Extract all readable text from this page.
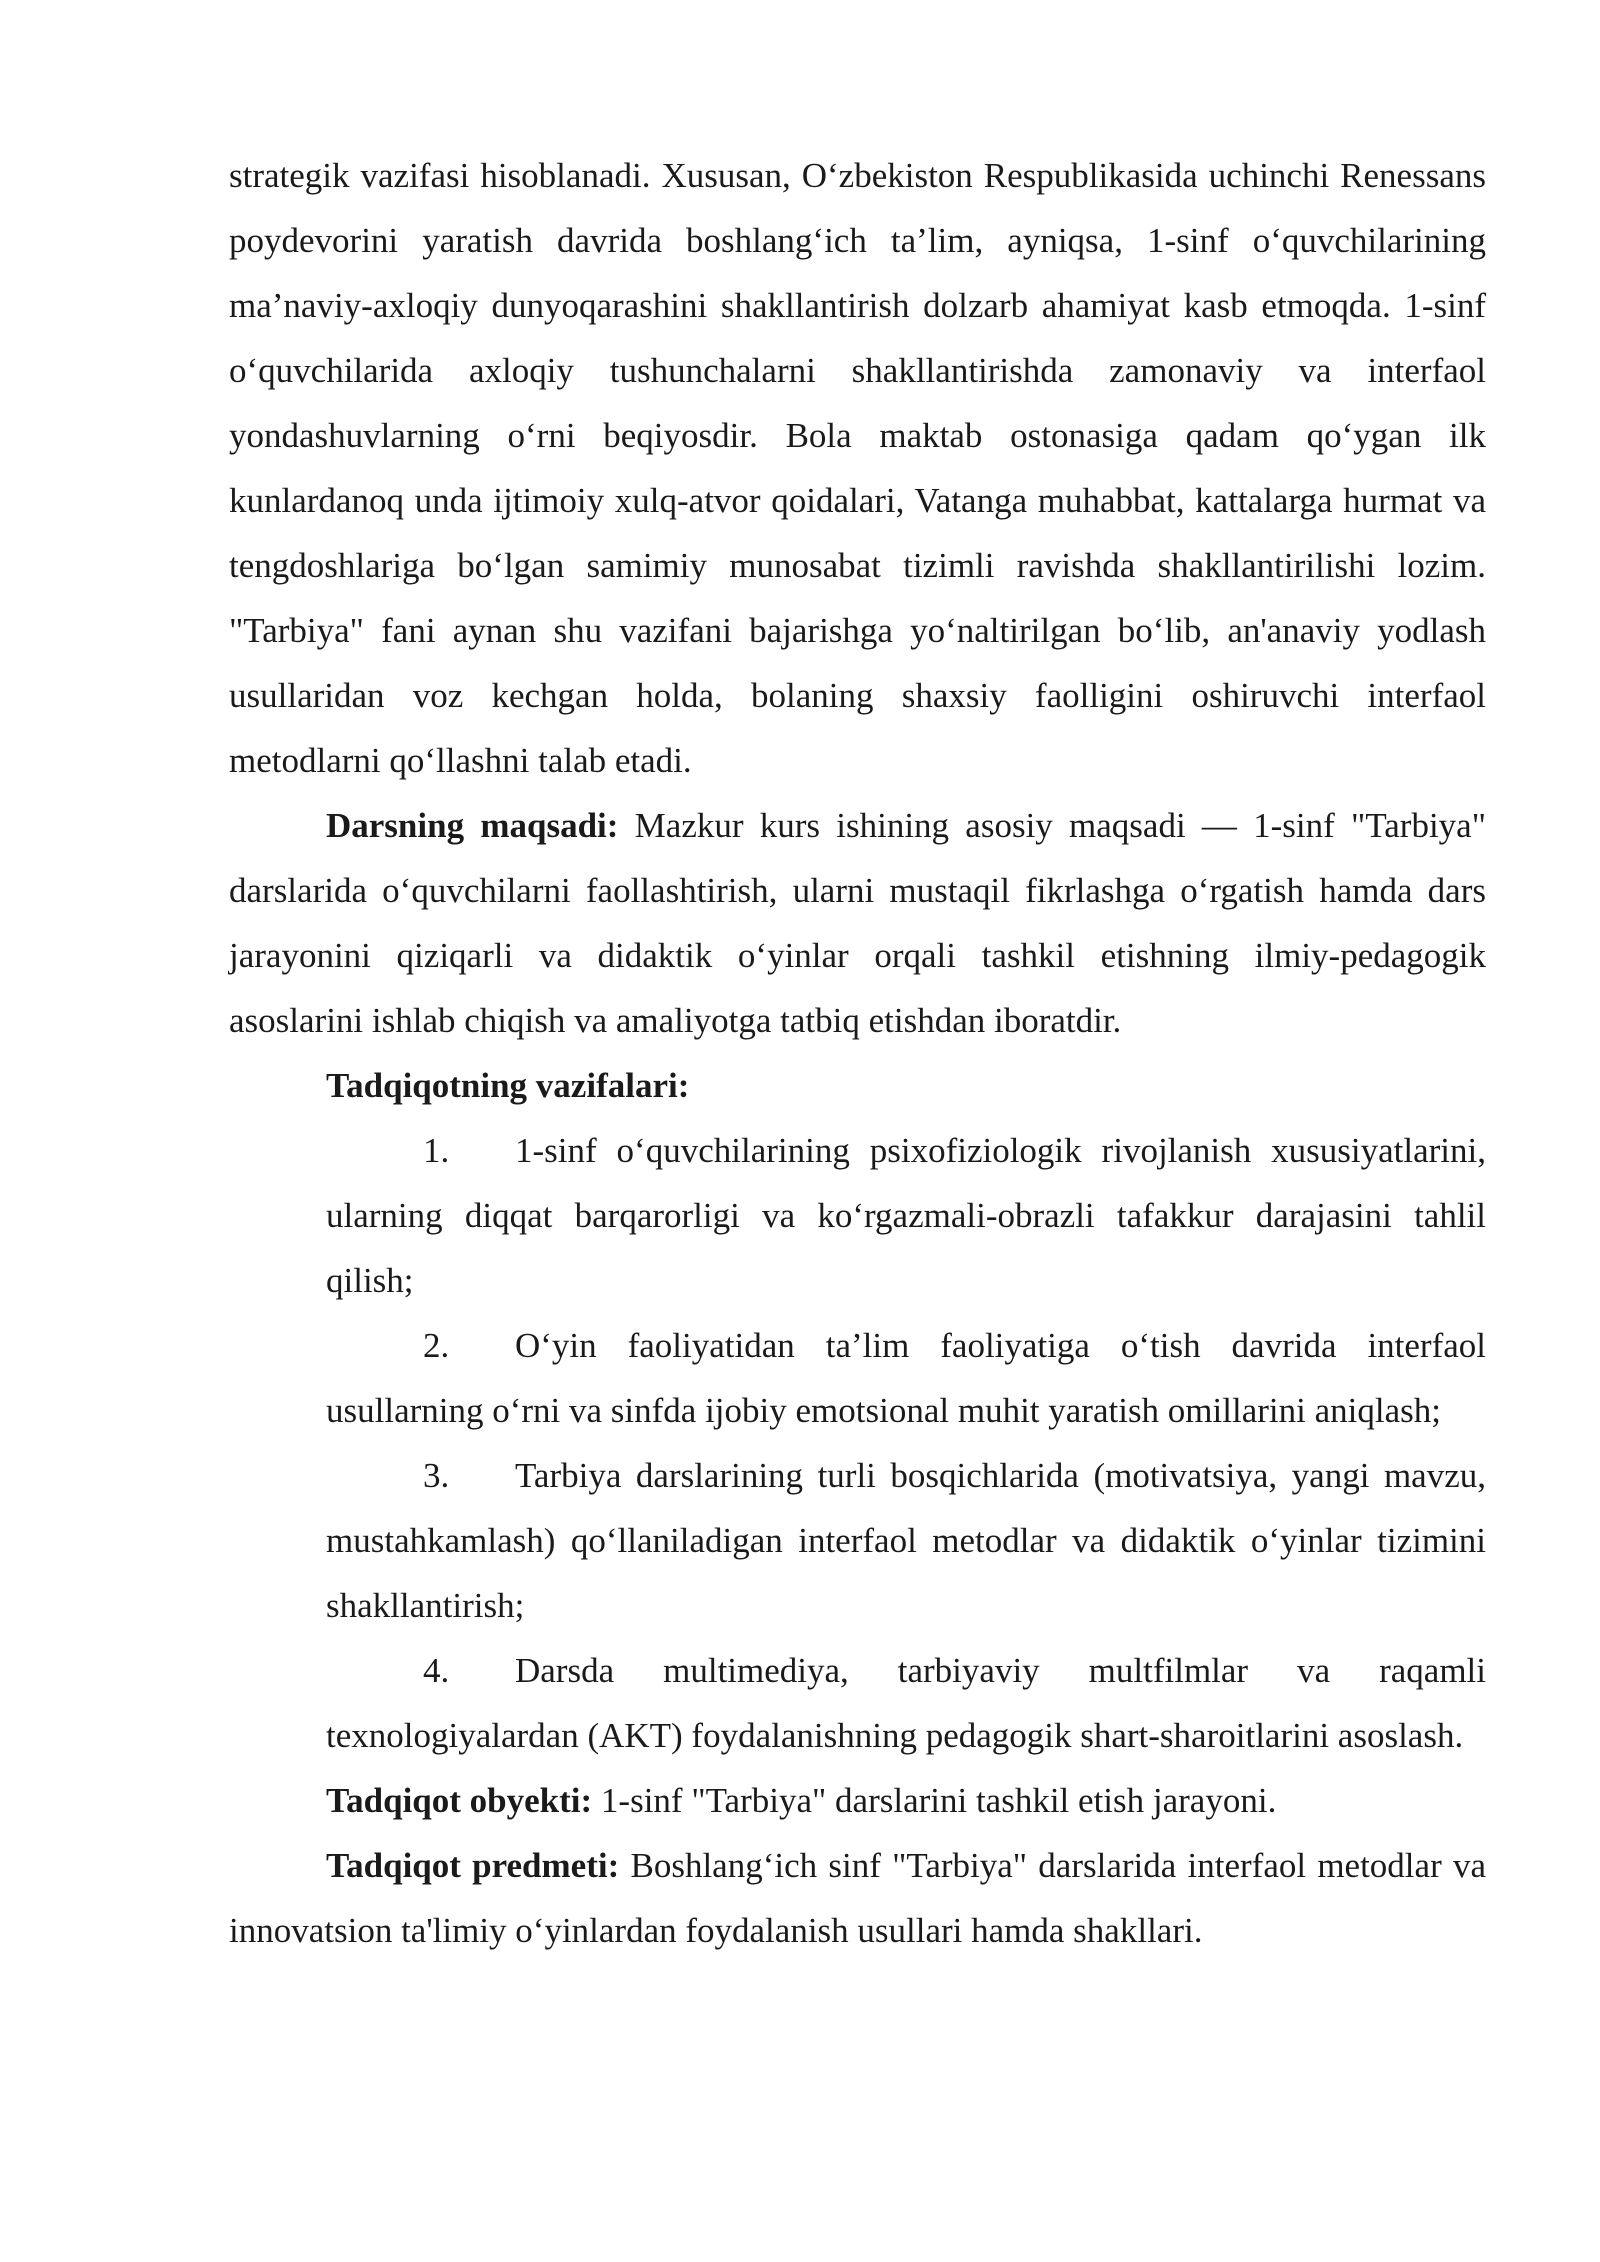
strategik vazifasi hisoblanadi. Xususan, O‘zbekiston Respublikasida uchinchi Renessans poydevorini yaratish davrida boshlang‘ich ta’lim, ayniqsa, 1-sinf o‘quvchilarining ma’naviy-axloqiy dunyoqarashini shakllantirish dolzarb ahamiyat kasb etmoqda. 1-sinf o‘quvchilarida axloqiy tushunchalarni shakllantirishda zamonaviy va interfaol yondashuvlarning o‘rni beqiyosdir. Bola maktab ostonasiga qadam qo‘ygan ilk kunlardanoq unda ijtimoiy xulq-atvor qoidalari, Vatanga muhabbat, kattalarga hurmat va tengdoshlariga bo‘lgan samimiy munosabat tizimli ravishda shakllantirilishi lozim. "Tarbiya" fani aynan shu vazifani bajarishga yo‘naltirilgan bo‘lib, an'anaviy yodlash usullaridan voz kechgan holda, bolaning shaxsiy faolligini oshiruvchi interfaol metodlarni qo‘llashni talab etadi.

Darsning maqsadi: Mazkur kurs ishining asosiy maqsadi — 1-sinf "Tarbiya" darslarida o‘quvchilarni faollashtirish, ularni mustaqil fikrlashga o‘rgatish hamda dars jarayonini qiziqarli va didaktik o‘yinlar orqali tashkil etishning ilmiy-pedagogik asoslarini ishlab chiqish va amaliyotga tatbiq etishdan iboratdir.

Tadqiqotning vazifalari:

1.	1-sinf o‘quvchilarining psixofiziologik rivojlanish xususiyatlarini, ularning diqqat barqarorligi va ko‘rgazmali-obrazli tafakkur darajasini tahlil qilish;
2.	O‘yin faoliyatidan ta’lim faoliyatiga o‘tish davrida interfaol usullarning o‘rni va sinfda ijobiy emotsional muhit yaratish omillarini aniqlash;
3.	Tarbiya darslarining turli bosqichlarida (motivatsiya, yangi mavzu, mustahkamlash) qo‘llaniladigan interfaol metodlar va didaktik o‘yinlar tizimini shakllantirish;
4.	Darsda multimediya, tarbiyaviy multfilmlar va raqamli texnologiyalardan (AKT) foydalanishning pedagogik shart-sharoitlarini asoslash.

Tadqiqot obyekti: 1-sinf "Tarbiya" darslarini tashkil etish jarayoni.

Tadqiqot predmeti: Boshlang‘ich sinf "Tarbiya" darslarida interfaol metodlar va innovatsion ta'limiy o‘yinlardan foydalanish usullari hamda shakllari.
